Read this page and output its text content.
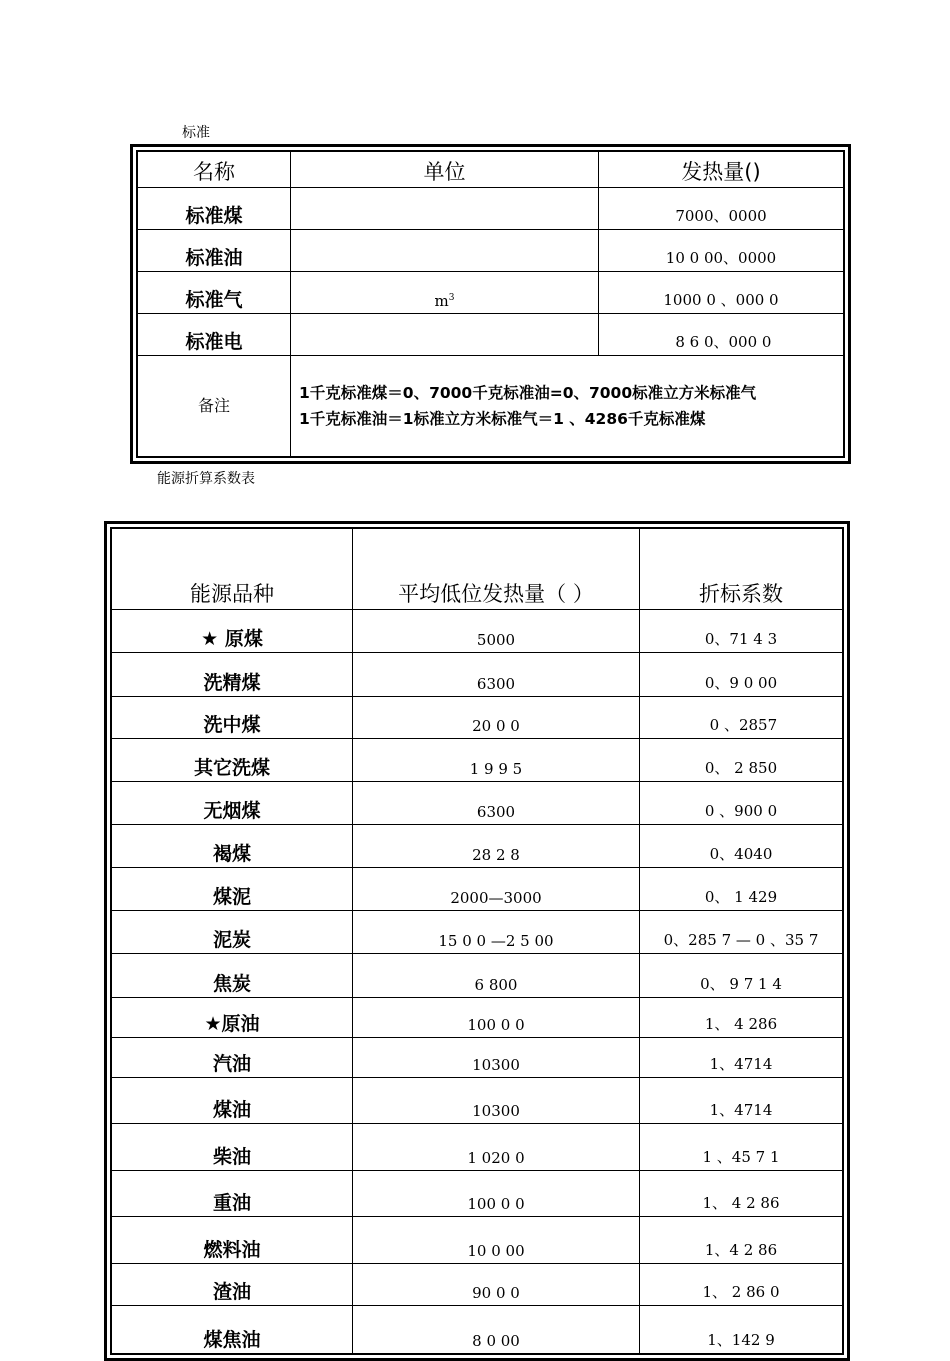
标准
名称	单位	发热量()
标准煤		7000、0000
标准油		10 0 00、0000
标准气	$m^3$	1000 0 、000 0
标准电		8 6 0、000 0
备注	1千克标准煤＝0、7000千克标准油=0、7000标准立方米标准气
1千克标准油＝1标准立方米标准气＝1 、4286千克标准煤	
能源折算系数表
能源品种	平均低位发热量（ ）	折标系数
★ 原煤	5000	0、71 4 3
洗精煤	6300	0、9 0 00
洗中煤	20 0 0	0 、2857
其它洗煤	1 9 9 5	0、 2 850
无烟煤	6300	0 、900 0
褐煤	28 2 8	0、4040
煤泥	2000—3000	0、 1 429
泥炭	15 0 0 —2 5 00	0、285 7 — 0 、35 7
焦炭	6 800	0、 9 7 1 4
★原油	100 0 0	1、 4 286
汽油	10300	1、4714
煤油	10300	1、4714
柴油	1 020 0	1 、45 7 1
重油	100 0 0	1、 4 2 86
燃料油	10 0 00	1、4 2 86
渣油	90 0 0	1、 2 86 0
煤焦油	8 0 00	1、142 9
